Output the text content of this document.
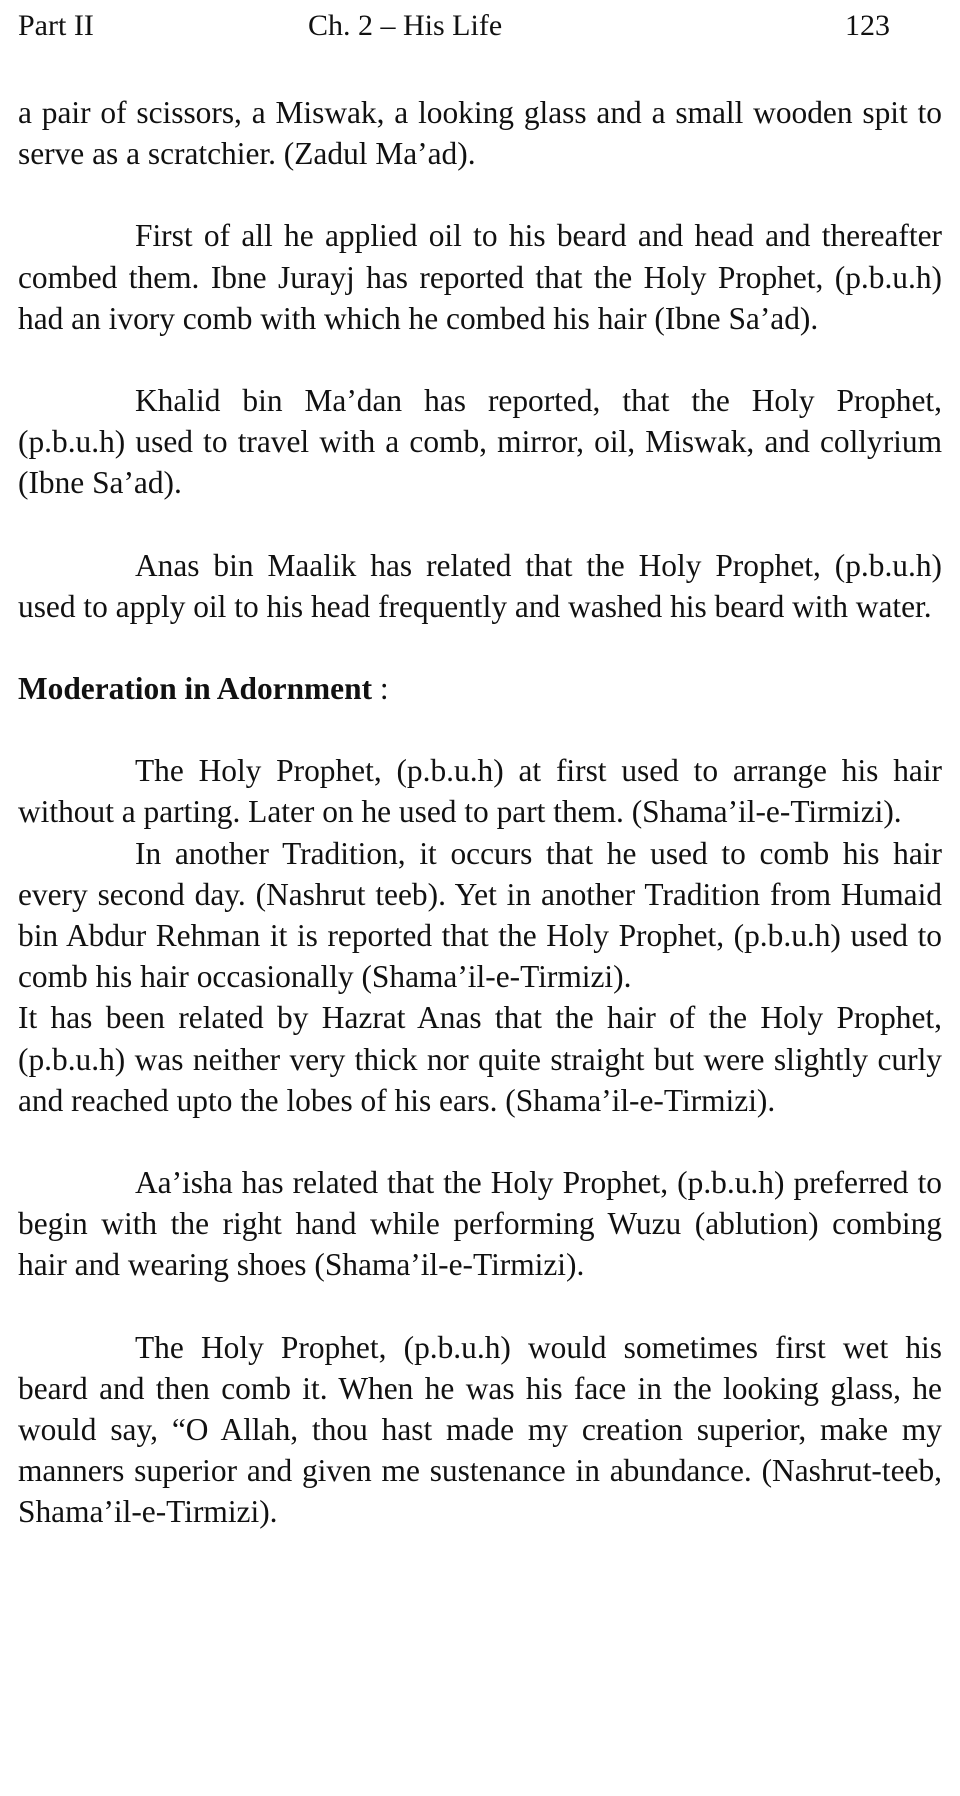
Part II	Ch. 2 – His Life	123

a pair of scissors, a Miswak, a looking glass and a small wooden spit to serve as a scratchier. (Zadul Ma’ad).

First of all he applied oil to his beard and head and thereafter combed them. Ibne Jurayj has reported that the Holy Prophet, (p.b.u.h) had an ivory comb with which he combed his hair (Ibne Sa’ad).

Khalid bin Ma’dan has reported, that the Holy Prophet, (p.b.u.h) used to travel with a comb, mirror, oil, Miswak, and collyrium (Ibne Sa’ad).

Anas bin Maalik has related that the Holy Prophet, (p.b.u.h) used to apply oil to his head frequently and washed his beard with water.

Moderation in Adornment :

The Holy Prophet, (p.b.u.h) at first used to arrange his hair without a parting. Later on he used to part them. (Shama’il-e-Tirmizi).

In another Tradition, it occurs that he used to comb his hair every second day. (Nashrut teeb). Yet in another Tradition from Humaid bin Abdur Rehman it is reported that the Holy Prophet, (p.b.u.h) used to comb his hair occasionally (Shama’il-e-Tirmizi).

It has been related by Hazrat Anas that the hair of the Holy Prophet, (p.b.u.h) was neither very thick nor quite straight but were slightly curly and reached upto the lobes of his ears. (Shama’il-e-Tirmizi).

Aa’isha has related that the Holy Prophet, (p.b.u.h) preferred to begin with the right hand while performing Wuzu (ablution) combing hair and wearing shoes (Shama’il-e-Tirmizi).

The Holy Prophet, (p.b.u.h) would sometimes first wet his beard and then comb it. When he was his face in the looking glass, he would say, “O Allah, thou hast made my creation superior, make my manners superior and given me sustenance in abundance. (Nashrut-teeb, Shama’il-e-Tirmizi).
